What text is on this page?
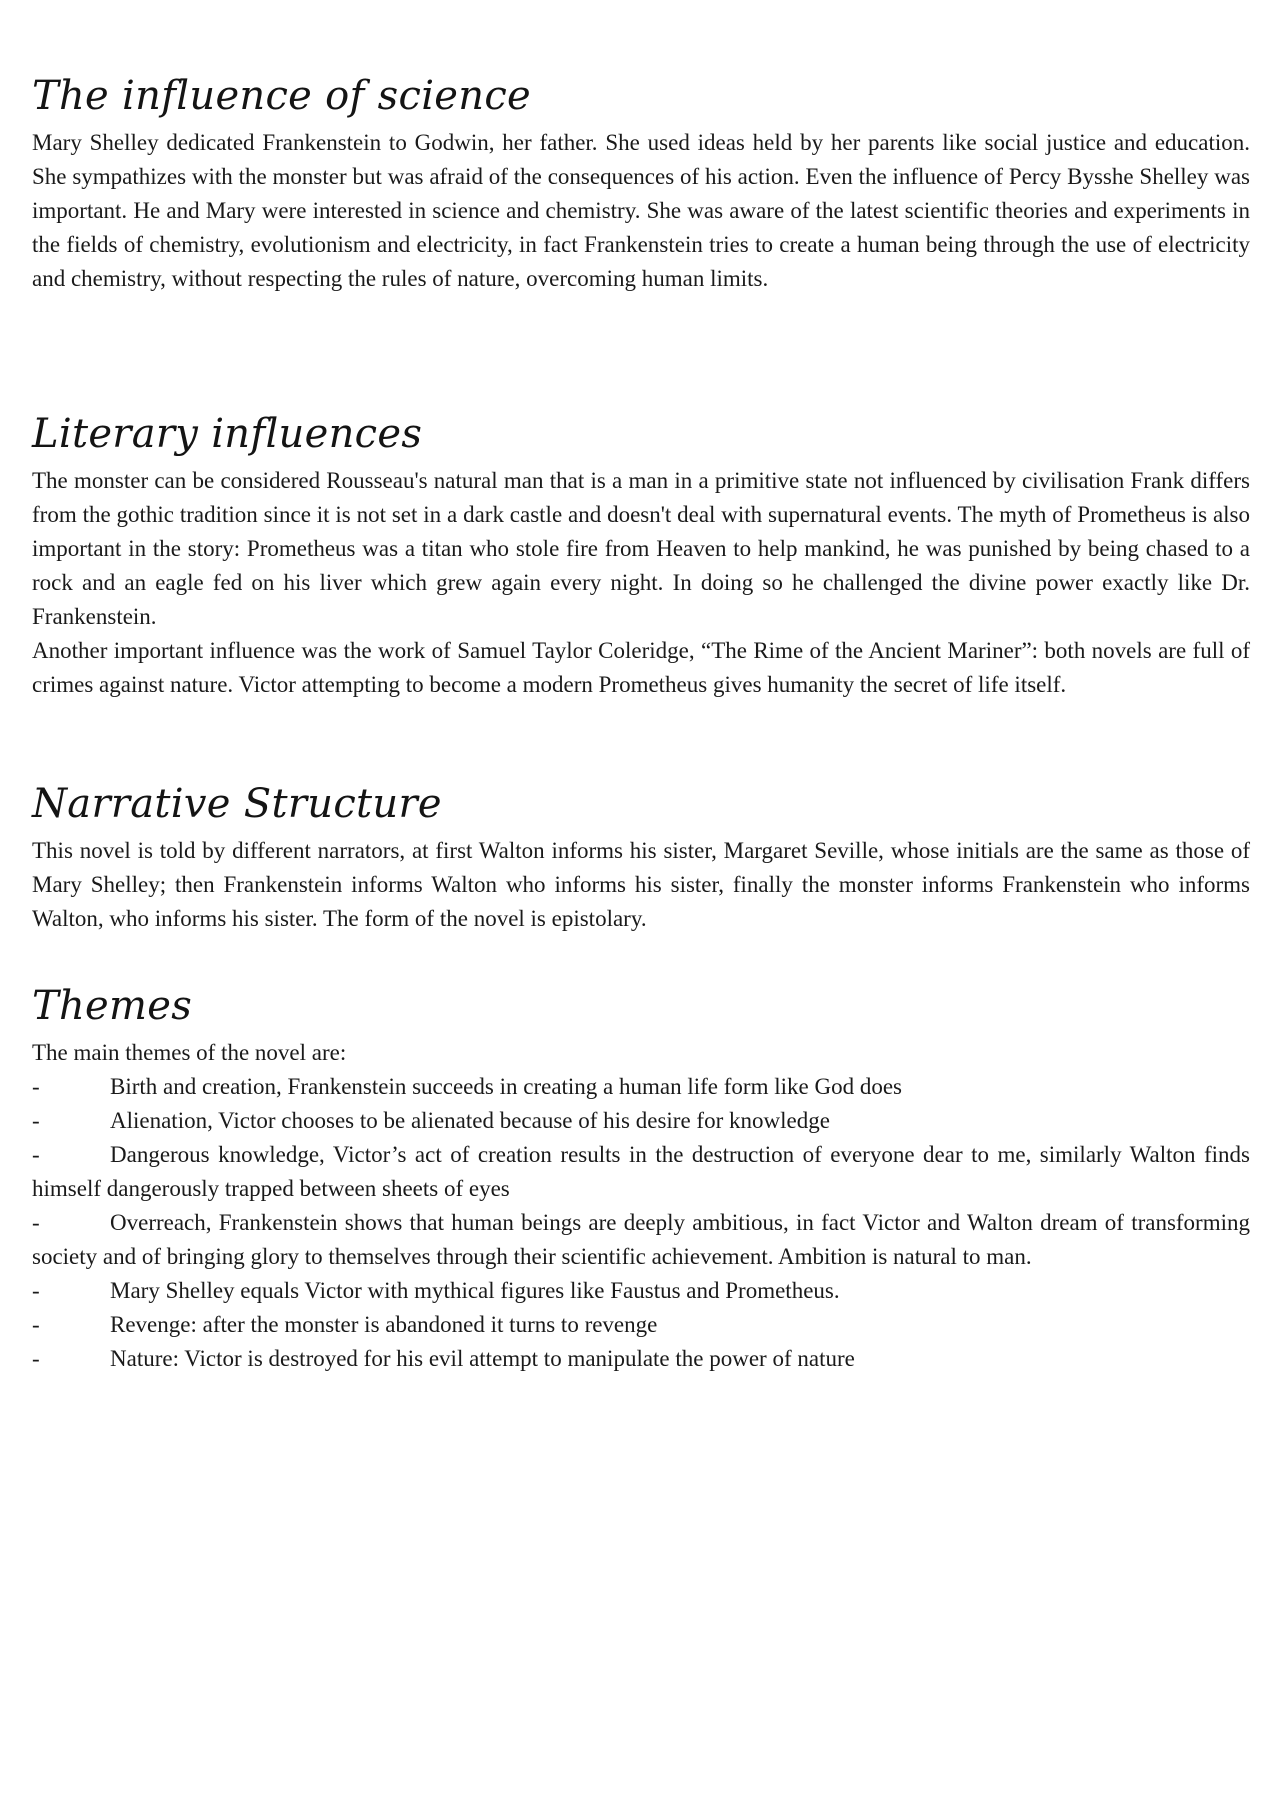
The influence of science

Mary Shelley dedicated Frankenstein to Godwin, her father. She used ideas held by her parents like social justice and education. She sympathizes with the monster but was afraid of the consequences of his action. Even the influence of Percy Bysshe Shelley was important. He and Mary were interested in science and chemistry. She was aware of the latest scientific theories and experiments in the fields of chemistry, evolutionism and electricity, in fact Frankenstein tries to create a human being through the use of electricity and chemistry, without respecting the rules of nature, overcoming human limits.

Literary influences

The monster can be considered Rousseau's natural man that is a man in a primitive state not influenced by civilisation Frank differs from the gothic tradition since it is not set in a dark castle and doesn't deal with supernatural events. The myth of Prometheus is also important in the story: Prometheus was a titan who stole fire from Heaven to help mankind, he was punished by being chased to a rock and an eagle fed on his liver which grew again every night. In doing so he challenged the divine power exactly like Dr. Frankenstein.

Another important influence was the work of Samuel Taylor Coleridge, “The Rime of the Ancient Mariner”: both novels are full of crimes against nature. Victor attempting to become a modern Prometheus gives humanity the secret of life itself.

Narrative Structure

This novel is told by different narrators, at first Walton informs his sister, Margaret Seville, whose initials are the same as those of Mary Shelley; then Frankenstein informs Walton who informs his sister, finally the monster informs Frankenstein who informs Walton, who informs his sister. The form of the novel is epistolary.

Themes

The main themes of the novel are:

-	Birth and creation, Frankenstein succeeds in creating a human life form like God does
-	Alienation, Victor chooses to be alienated because of his desire for knowledge
-	Dangerous knowledge, Victor’s act of creation results in the destruction of everyone dear to me, similarly Walton finds himself dangerously trapped between sheets of eyes
-	Overreach, Frankenstein shows that human beings are deeply ambitious, in fact Victor and Walton dream of transforming society and of bringing glory to themselves through their scientific achievement. Ambition is natural to man.
-	Mary Shelley equals Victor with mythical figures like Faustus and Prometheus.
-	Revenge: after the monster is abandoned it turns to revenge
-	Nature: Victor is destroyed for his evil attempt to manipulate the power of nature
